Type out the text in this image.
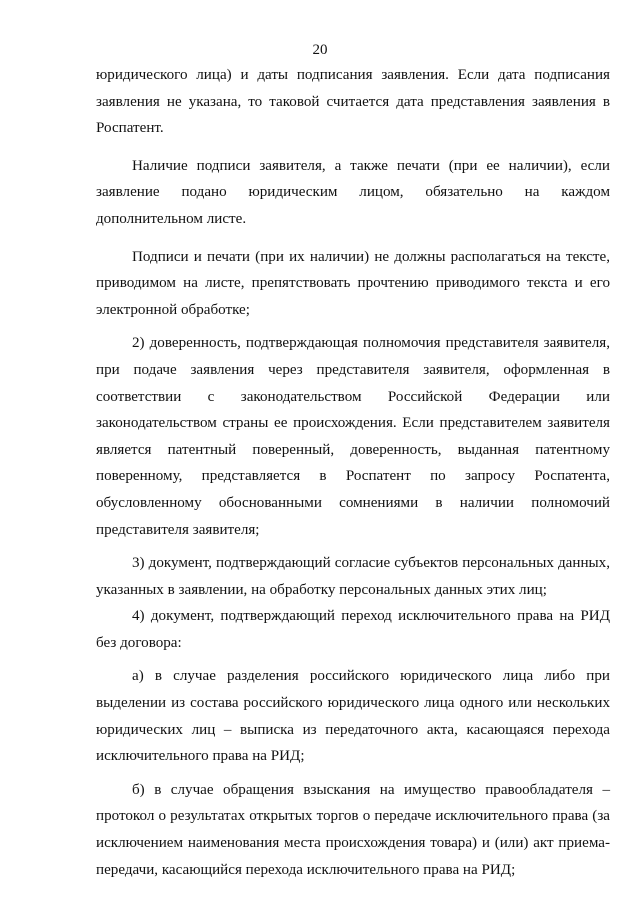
20

юридического лица) и даты подписания заявления. Если дата подписания заявления не указана, то таковой считается дата представления заявления в Роспатент.

Наличие подписи заявителя, а также печати (при ее наличии), если заявление подано юридическим лицом, обязательно на каждом дополнительном листе.

Подписи и печати (при их наличии) не должны располагаться на тексте, приводимом на листе, препятствовать прочтению приводимого текста и его электронной обработке;

2) доверенность, подтверждающая полномочия представителя заявителя, при подаче заявления через представителя заявителя, оформленная в соответствии с законодательством Российской Федерации или законодательством страны ее происхождения. Если представителем заявителя является патентный поверенный, доверенность, выданная патентному поверенному, представляется в Роспатент по запросу Роспатента, обусловленному обоснованными сомнениями в наличии полномочий представителя заявителя;

3) документ, подтверждающий согласие субъектов персональных данных, указанных в заявлении, на обработку персональных данных этих лиц;

4) документ, подтверждающий переход исключительного права на РИД без договора:

а) в случае разделения российского юридического лица либо при выделении из состава российского юридического лица одного или нескольких юридических лиц – выписка из передаточного акта, касающаяся перехода исключительного права на РИД;

б) в случае обращения взыскания на имущество правообладателя – протокол о результатах открытых торгов о передаче исключительного права (за исключением наименования места происхождения товара) и (или) акт приема-передачи, касающийся перехода исключительного права на РИД;
